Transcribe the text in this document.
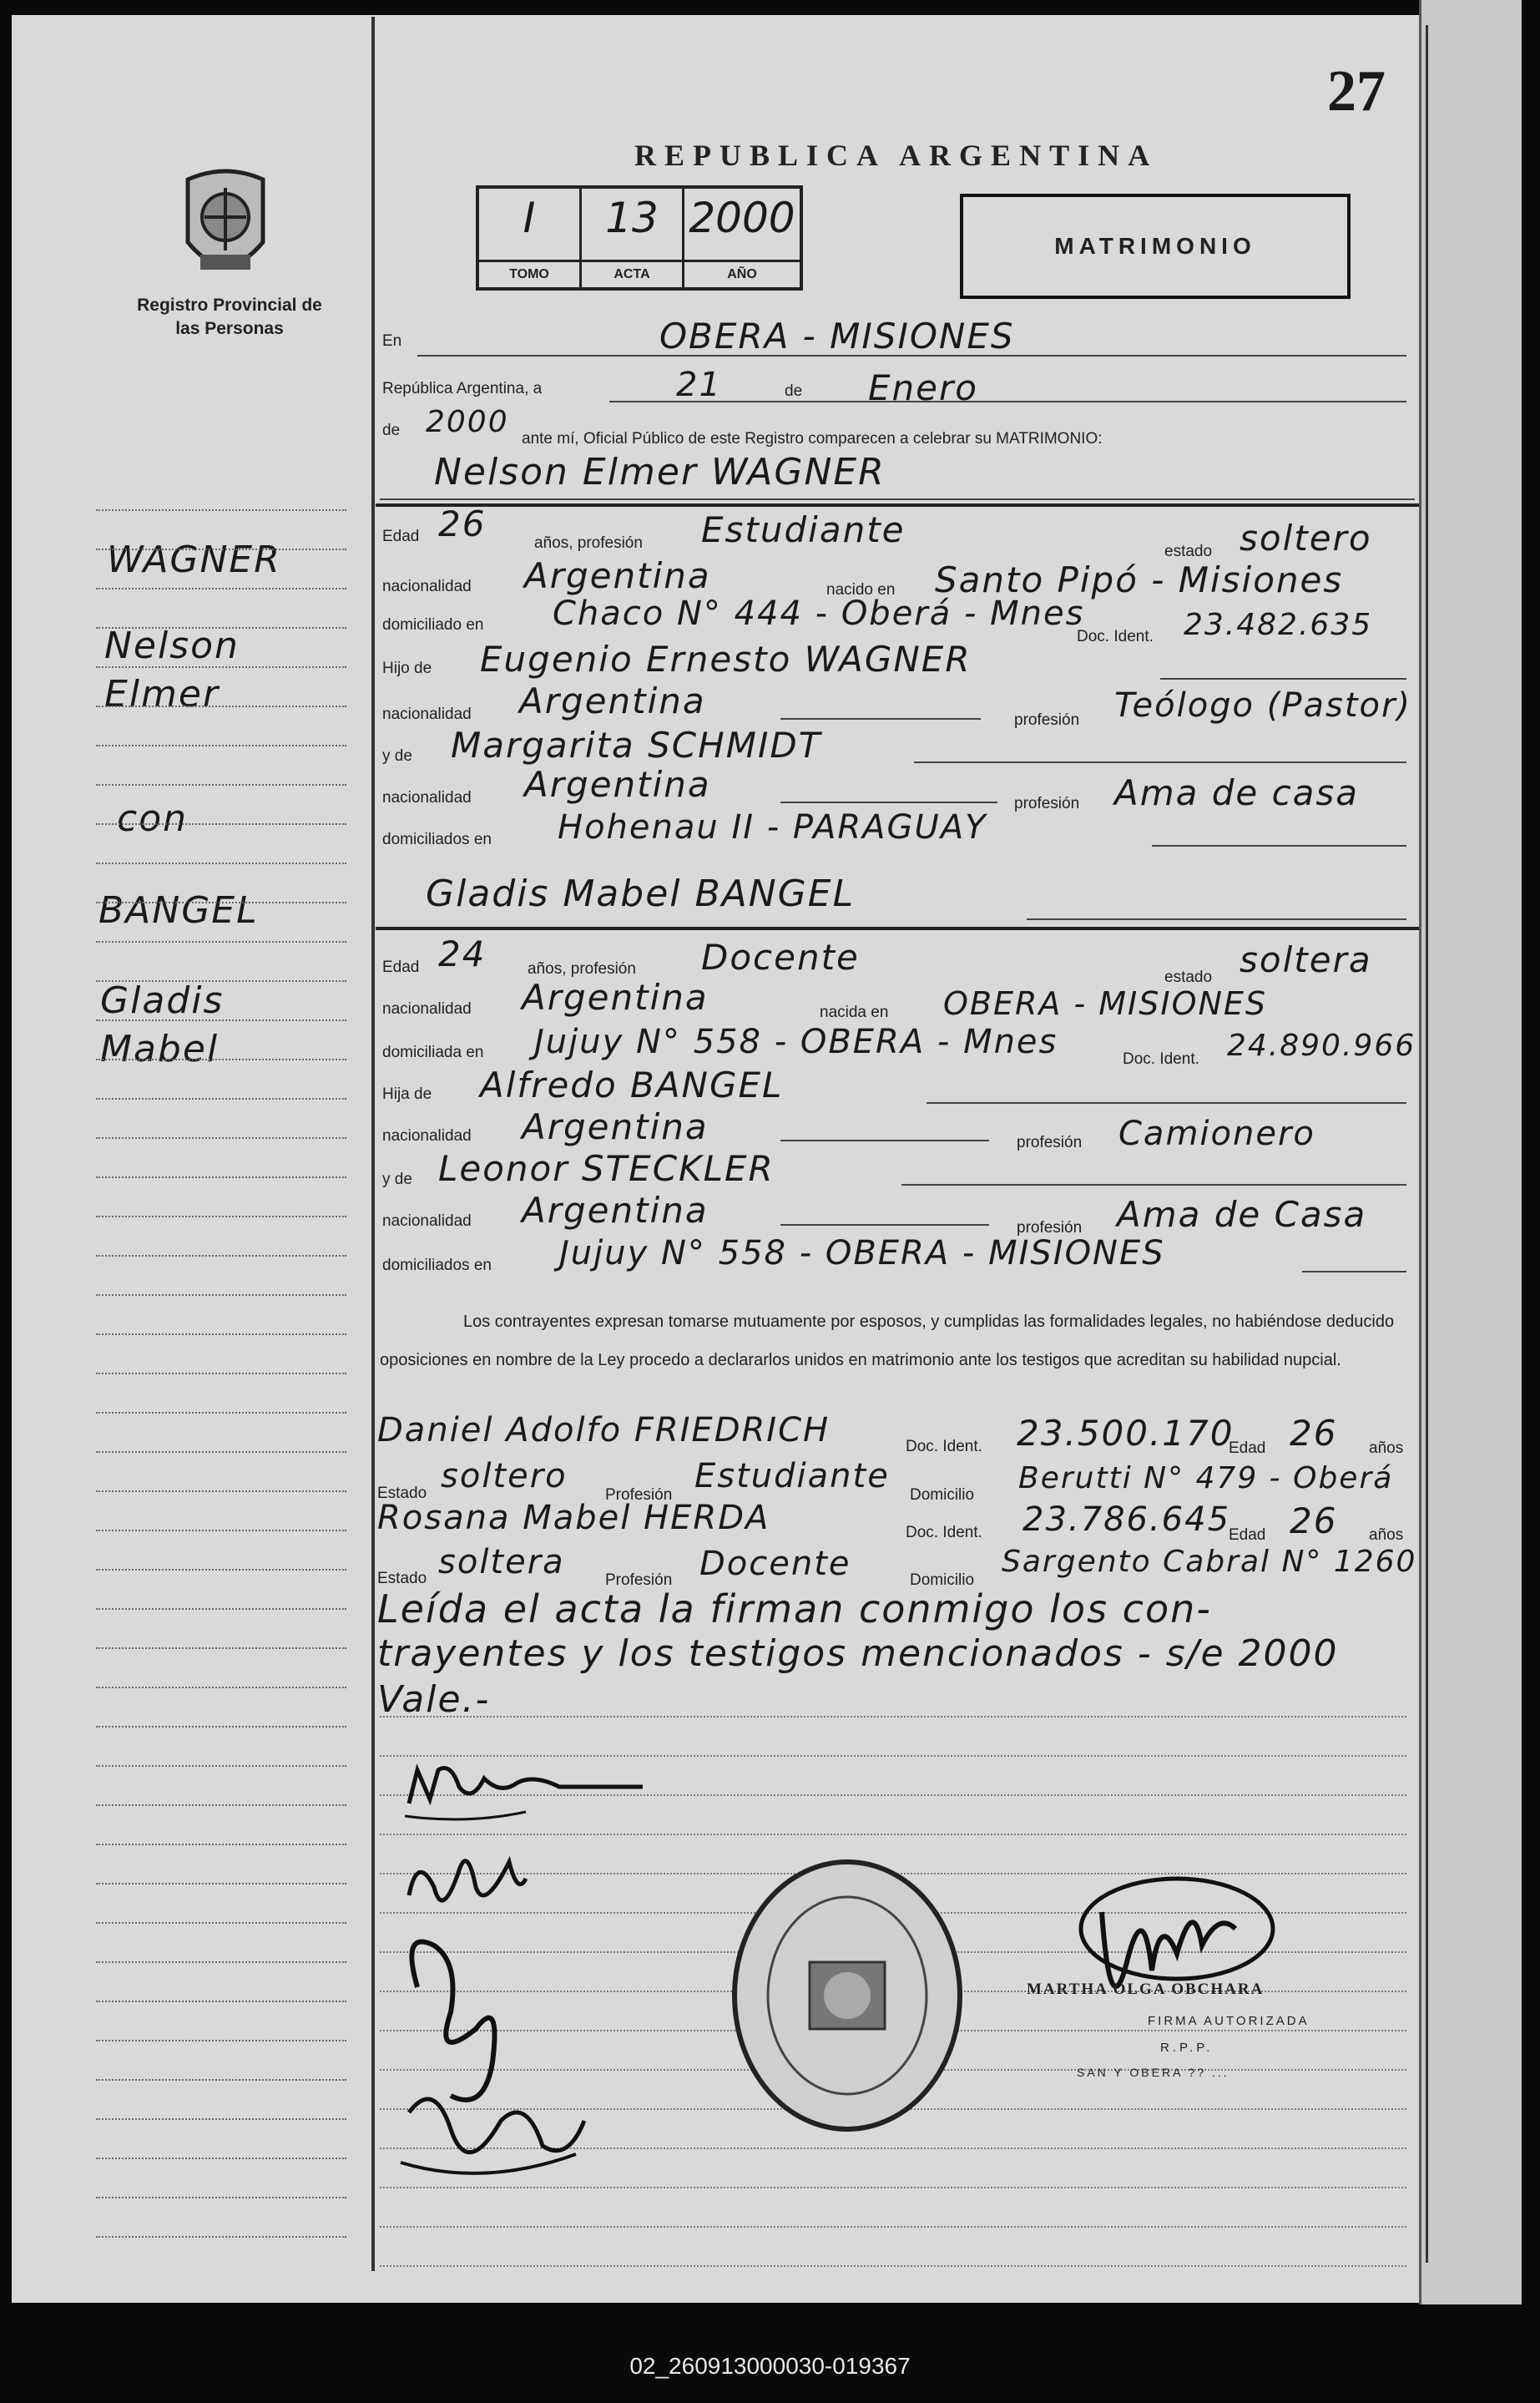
27
REPUBLICA ARGENTINA
Registro Provincial de las Personas
I
TOMO
13
ACTA
2000
AÑO
MATRIMONIO
WAGNER
Nelson Elmer
con
BANGEL
Gladis Mabel
En	OBERA - MISIONES
República Argentina, a	21	de Enero
de 2000 ante mí, Oficial Público de este Registro comparecen a celebrar su MATRIMONIO:
Nelson Elmer WAGNER
Edad 26	años, profesión Estudiante
estado soltero
nacionalidad Argentina	nacido en Santo Pipó - Misiones
domiciliado en Chaco N° 444 - Oberá - Mnes
Doc. Ident. 23.482.635
Hijo de Eugenio Ernesto WAGNER
nacionalidad Argentina	profesión Teólogo (Pastor)
y de Margarita SCHMIDT
nacionalidad Argentina	profesión Ama de casa
domiciliados en Hohenau II - PARAGUAY
Gladis Mabel BANGEL
Edad 24	años, profesión Docente	estado soltera
nacionalidad Argentina	nacida en OBERA - MISIONES
domiciliada en Jujuy N° 558 - OBERA - Mnes	Doc. Ident. 24.890.966
Hija de Alfredo BANGEL
nacionalidad Argentina	profesión Camionero
y de Leonor STECKLER
nacionalidad Argentina	profesión Ama de Casa
domiciliados en Jujuy N° 558 - OBERA - MISIONES
Los contrayentes expresan tomarse mutuamente por esposos, y cumplidas las formalidades legales, no habiéndose deducido oposiciones en nombre de la Ley procedo a declararlos unidos en matrimonio ante los testigos que acreditan su habilidad nupcial.
Daniel Adolfo FRIEDRICH	Doc. Ident. 23.500.170
Edad 26 años
Estado soltero Profesión Estudiante Domicilio Berutti N° 479 - Oberá
Rosana Mabel HERDA	Doc. Ident. 23.786.645
Edad 26 años
Estado soltera	Profesión Docente	Domicilio
Sargento Cabral N° 1260
Leída el acta la firman conmigo los con-
trayentes y los testigos mencionados - s/e 2000
Vale.-
MARTHA OLGA OBCHARA
FIRMA AUTORIZADA
R.P.P.
SAN Y OBERA ?? ...
02_260913000030-019367
